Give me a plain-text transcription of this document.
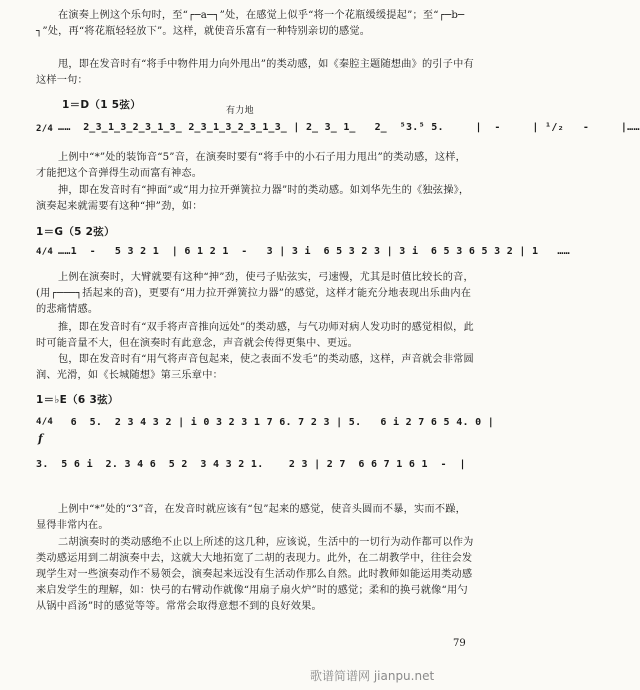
在演奏上例这个乐句时，至“┌─a─┐”处，在感觉上似乎“将一个花瓶缓缓提起”；至“┌─b─┐”处，再“将花瓶轻轻放下”。这样，就使音乐富有一种特别亲切的感觉。
甩，即在发音时有“将手中物件用力向外甩出”的类动感，如《秦腔主题随想曲》的引子中有这样一句：

1＝D（1 5弦）

	有力地

2/4

……  2̲3̲1̲3̲2̲3̲1̲3̲ 2̲3̲1̲3̲2̲3̲1̲3̲ | 2̲ 3̲ 1̲   2̲  ⁵3.⁵ 5.     |  -     | ¹/₂   -     |……

上例中“*”处的装饰音“5”音，在演奏时要有“将手中的小石子用力甩出”的类动感，这样，才能把这个音弹得生动而富有神态。
抻，即在发音时有“抻面”或“用力拉开弹簧拉力器”时的类动感。如刘华先生的《独弦操》，演奏起来就需要有这种“抻”劲，如：

1＝G（5 2弦）

4/4

……1  -   5 3 2 1  | 6 1 2 1  -   3 | 3 i  6 5 3 2 3 | 3 i  6 5 3 6 5 3 2 | 1   ……

上例在演奏时，大臂就要有这种“抻”劲，使弓子贴弦实，弓速慢，尤其是时值比较长的音，(用┌───┐括起来的音)，更要有“用力拉开弹簧拉力器”的感觉，这样才能充分地表现出乐曲内在的悲痛情感。
推，即在发音时有“双手将声音推向远处”的类动感，与气功师对病人发功时的感觉相似，此时可能音量不大，但在演奏时有此意念，声音就会传得更集中、更远。
包，即在发音时有“用气将声音包起来，使之表面不发毛”的类动感，这样，声音就会非常圆润、光滑，如《长城随想》第三乐章中：

1＝♭E（6 3弦）

4/4

f

6  5.  2 3 4 3 2 | i 0 3 2 3 1 7 6. 7 2 3 | 5.   6 i 2 7 6 5 4. 0 |

3.  5 6 i  2. 3 4 6  5 2  3 4 3 2 1.    2 3 | 2 7  6 6 7 1 6 1  -  |

上例中“*”处的“3”音，在发音时就应该有“包”起来的感觉，使音头圆而不暴，实而不躁，显得非常内在。
二胡演奏时的类动感绝不止以上所述的这几种，应该说，生活中的一切行为动作都可以作为类动感运用到二胡演奏中去，这就大大地拓宽了二胡的表现力。此外，在二胡教学中，往往会发现学生对一些演奏动作不易领会，演奏起来远没有生活动作那么自然。此时教师如能运用类动感来启发学生的理解，如：快弓的右臂动作就像“用扇子扇火炉”时的感觉；柔和的换弓就像“用勺从锅中舀汤”时的感觉等等。常常会取得意想不到的良好效果。
79
歌谱简谱网 jianpu.net
